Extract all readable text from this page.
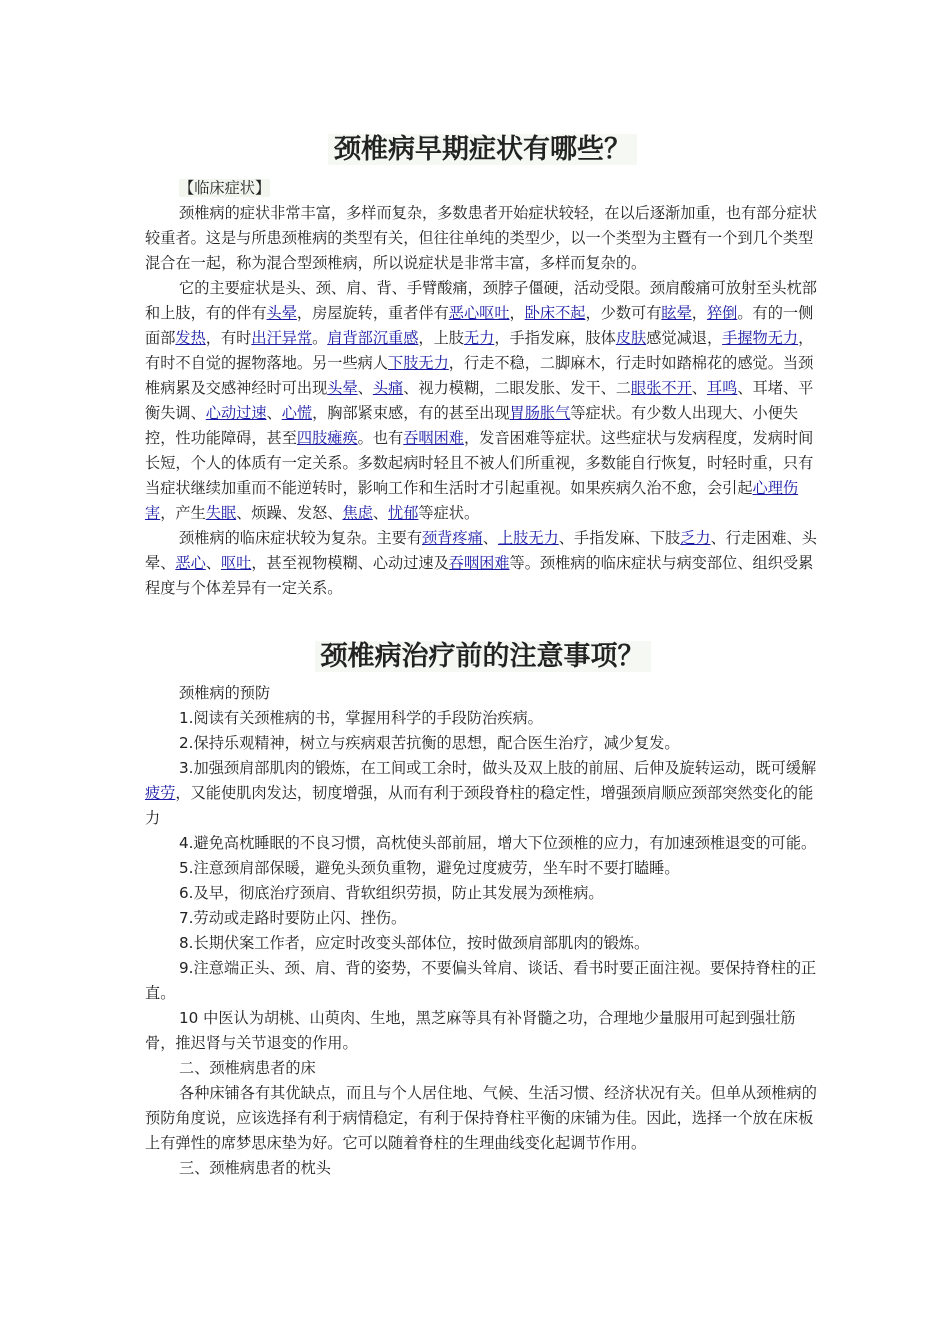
颈椎病早期症状有哪些？

【临床症状】

颈椎病的症状非常丰富，多样而复杂，多数患者开始症状较轻，在以后逐渐加重，也有部分症状较重者。这是与所患颈椎病的类型有关，但往往单纯的类型少，以一个类型为主暨有一个到几个类型混合在一起，称为混合型颈椎病，所以说症状是非常丰富，多样而复杂的。

它的主要症状是头、颈、肩、背、手臂酸痛，颈脖子僵硬，活动受限。颈肩酸痛可放射至头枕部和上肢，有的伴有头晕，房屋旋转，重者伴有恶心呕吐，卧床不起，少数可有眩晕，猝倒。有的一侧面部发热，有时出汗异常。肩背部沉重感，上肢无力，手指发麻，肢体皮肤感觉减退，手握物无力，有时不自觉的握物落地。另一些病人下肢无力，行走不稳，二脚麻木，行走时如踏棉花的感觉。当颈椎病累及交感神经时可出现头晕、头痛、视力模糊，二眼发胀、发干、二眼张不开、耳鸣、耳堵、平衡失调、心动过速、心慌，胸部紧束感，有的甚至出现胃肠胀气等症状。有少数人出现大、小便失控，性功能障碍，甚至四肢瘫痪。也有吞咽困难，发音困难等症状。这些症状与发病程度，发病时间长短，个人的体质有一定关系。多数起病时轻且不被人们所重视，多数能自行恢复，时轻时重，只有当症状继续加重而不能逆转时，影响工作和生活时才引起重视。如果疾病久治不愈，会引起心理伤害，产生失眠、烦躁、发怒、焦虑、忧郁等症状。

颈椎病的临床症状较为复杂。主要有颈背疼痛、上肢无力、手指发麻、下肢乏力、行走困难、头晕、恶心、呕吐，甚至视物模糊、心动过速及吞咽困难等。颈椎病的临床症状与病变部位、组织受累程度与个体差异有一定关系。

颈椎病治疗前的注意事项？

颈椎病的预防

1.阅读有关颈椎病的书，掌握用科学的手段防治疾病。

2.保持乐观精神，树立与疾病艰苦抗衡的思想，配合医生治疗，减少复发。

3.加强颈肩部肌肉的锻炼，在工间或工余时，做头及双上肢的前屈、后伸及旋转运动，既可缓解疲劳，又能使肌肉发达，韧度增强，从而有利于颈段脊柱的稳定性，增强颈肩顺应颈部突然变化的能力

4.避免高枕睡眠的不良习惯，高枕使头部前屈，增大下位颈椎的应力，有加速颈椎退变的可能。

5.注意颈肩部保暖，避免头颈负重物，避免过度疲劳，坐车时不要打瞌睡。

6.及早，彻底治疗颈肩、背软组织劳损，防止其发展为颈椎病。

7.劳动或走路时要防止闪、挫伤。

8.长期伏案工作者，应定时改变头部体位，按时做颈肩部肌肉的锻炼。

9.注意端正头、颈、肩、背的姿势，不要偏头耸肩、谈话、看书时要正面注视。要保持脊柱的正直。

10 中医认为胡桃、山萸肉、生地，黑芝麻等具有补肾髓之功，合理地少量服用可起到强壮筋骨，推迟肾与关节退变的作用。

二、颈椎病患者的床

各种床铺各有其优缺点，而且与个人居住地、气候、生活习惯、经济状况有关。但单从颈椎病的预防角度说，应该选择有利于病情稳定，有利于保持脊柱平衡的床铺为佳。因此，选择一个放在床板上有弹性的席梦思床垫为好。它可以随着脊柱的生理曲线变化起调节作用。

三、颈椎病患者的枕头
